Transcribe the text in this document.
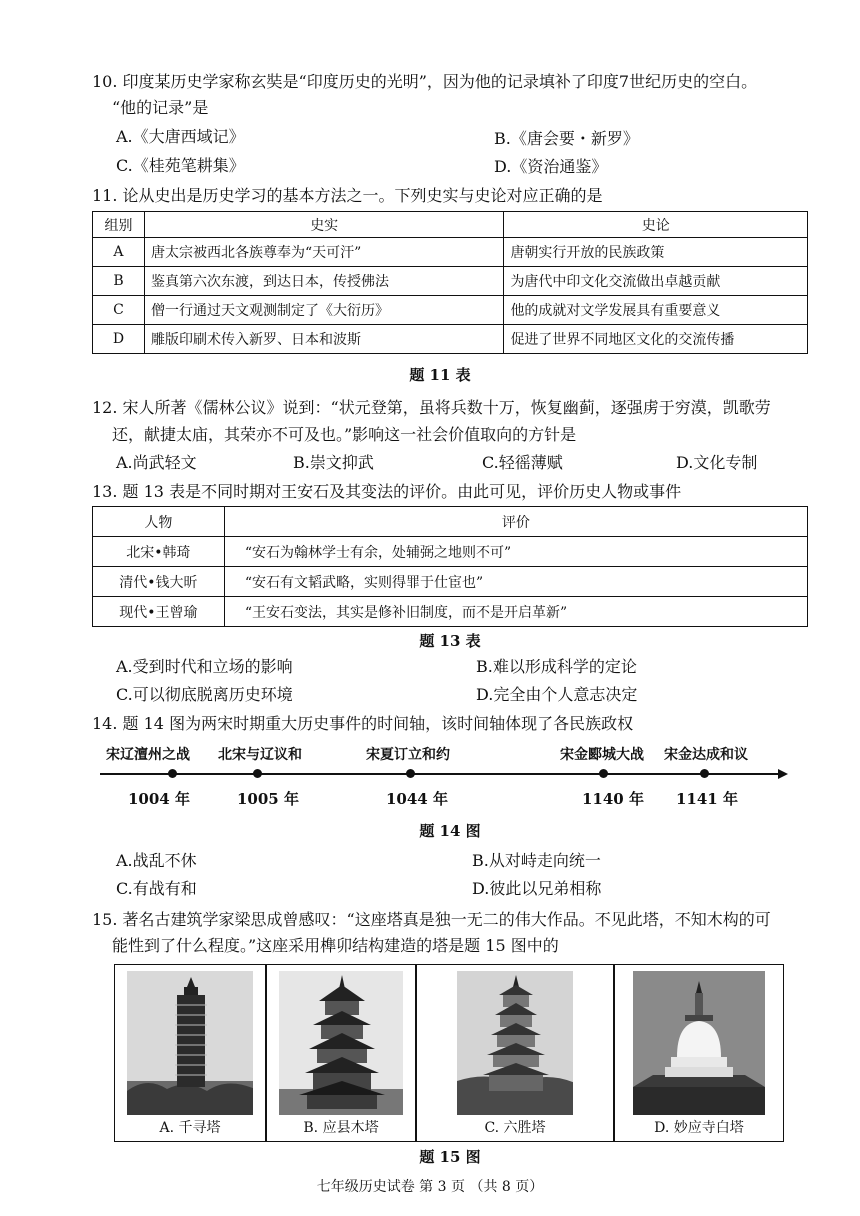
10. 印度某历史学家称玄奘是“印度历史的光明”，因为他的记录填补了印度7世纪历史的空白。
“他的记录”是
A.《大唐西域记》	B.《唐会要・新罗》
C.《桂苑笔耕集》	D.《资治通鉴》
11. 论从史出是历史学习的基本方法之一。下列史实与史论对应正确的是
组别	史实	史论
A	唐太宗被西北各族尊奉为“天可汗”	唐朝实行开放的民族政策
B	鉴真第六次东渡，到达日本，传授佛法	为唐代中印文化交流做出卓越贡献
C	僧一行通过天文观测制定了《大衍历》	他的成就对文学发展具有重要意义
D	雕版印刷术传入新罗、日本和波斯	促进了世界不同地区文化的交流传播
题 11 表
12. 宋人所著《儒林公议》说到：“状元登第，虽将兵数十万，恢复幽蓟，逐强虏于穷漠，凯歌劳
还，献捷太庙，其荣亦不可及也。”影响这一社会价值取向的方针是
A.尚武轻文	B.崇文抑武	C.轻徭薄赋	D.文化专制
13. 题 13 表是不同时期对王安石及其变法的评价。由此可见，评价历史人物或事件
人物	评价
北宋•韩琦	“安石为翰林学士有余，处辅弼之地则不可”
清代•钱大昕	“安石有文韬武略，实则得罪于仕宦也”
现代•王曾瑜	“王安石变法，其实是修补旧制度，而不是开启革新”
题 13 表
A.受到时代和立场的影响	B.难以形成科学的定论
C.可以彻底脱离历史环境	D.完全由个人意志决定
14. 题 14 图为两宋时期重大历史事件的时间轴，该时间轴体现了各民族政权
宋辽澶州之战
1004 年
北宋与辽议和
1005 年
宋夏订立和约
1044 年
宋金郾城大战
1140 年
宋金达成和议
1141 年
题 14 图
A.战乱不休	B.从对峙走向统一
C.有战有和	D.彼此以兄弟相称
15. 著名古建筑学家梁思成曾感叹：“这座塔真是独一无二的伟大作品。不见此塔，不知木构的可
能性到了什么程度。”这座采用榫卯结构建造的塔是题 15 图中的
A. 千寻塔	B. 应县木塔	C. 六胜塔	D. 妙应寺白塔
题 15 图
七年级历史试卷 第 3 页 （共 8 页）
